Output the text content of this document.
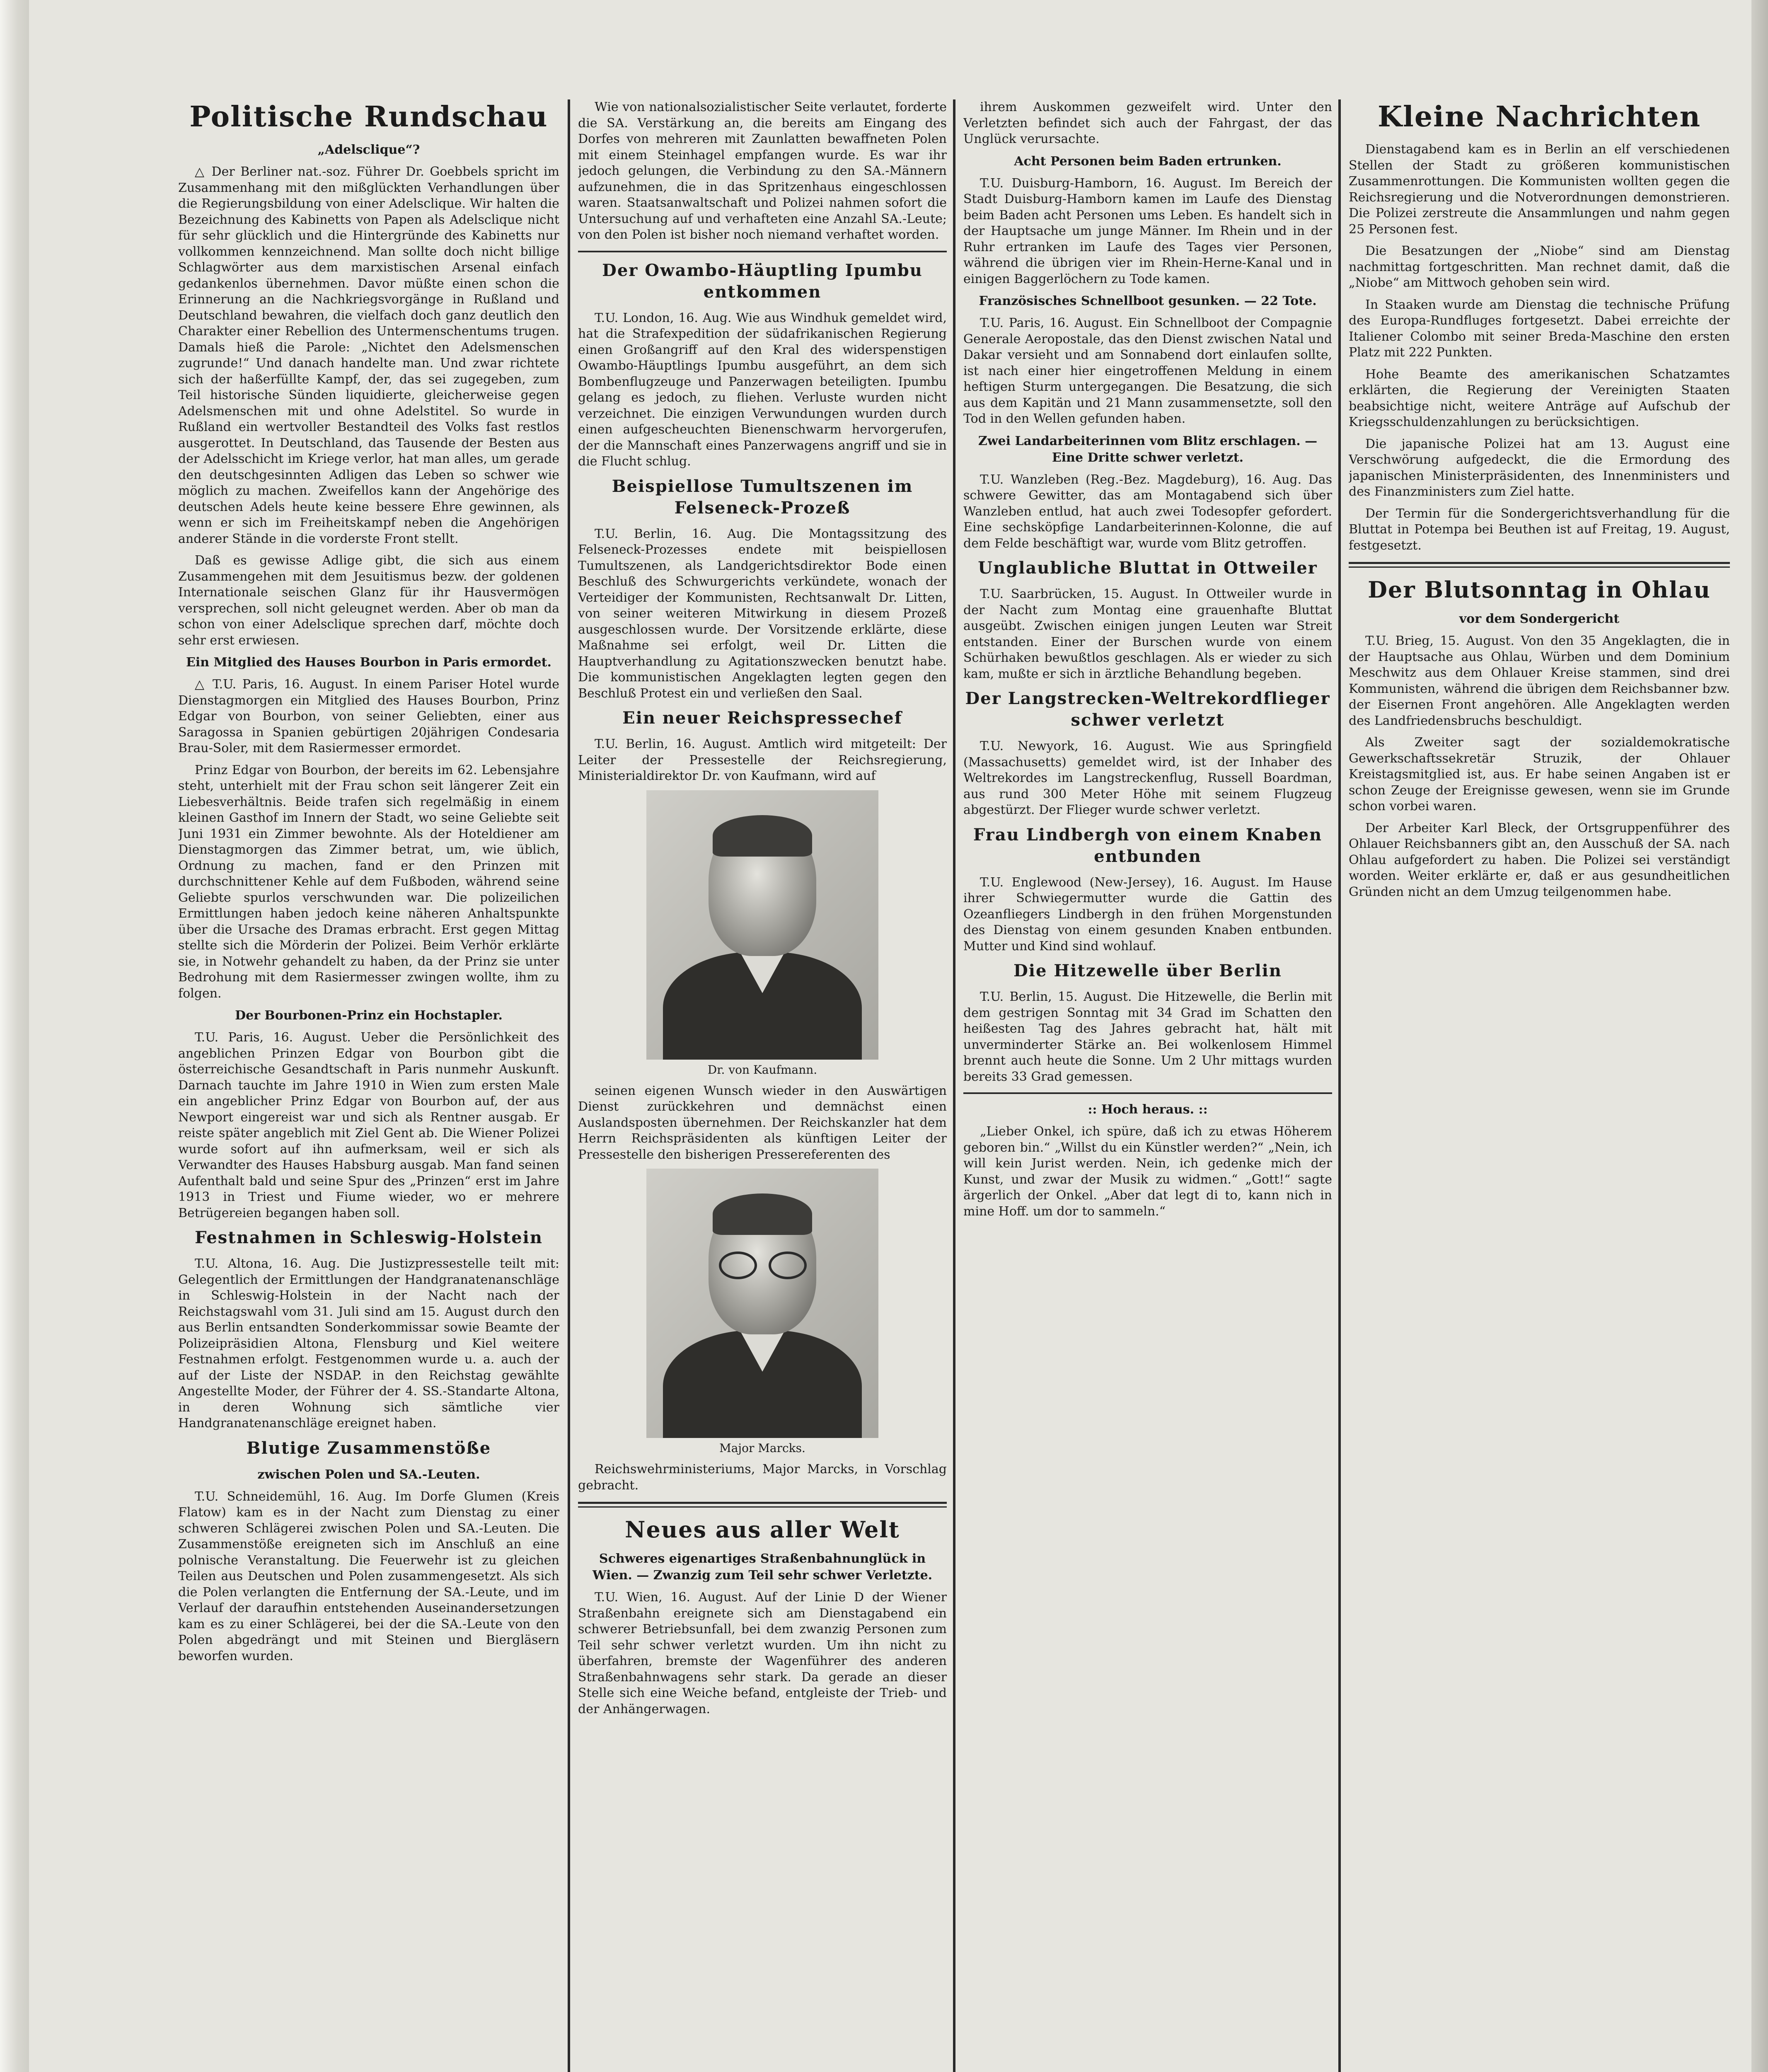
Politische Rundschau
„Adelsclique“?

△ Der Berliner nat.-soz. Führer Dr. Goebbels spricht im Zusammenhang mit den mißglückten Verhandlungen über die Regierungsbildung von einer Adelsclique. Wir halten die Bezeichnung des Kabinetts von Papen als Adelsclique nicht für sehr glücklich und die Hintergründe des Kabinetts nur vollkommen kennzeichnend. Man sollte doch nicht billige Schlagwörter aus dem marxistischen Arsenal einfach gedankenlos übernehmen. Davor müßte einen schon die Erinnerung an die Nachkriegsvorgänge in Rußland und Deutschland bewahren, die vielfach doch ganz deutlich den Charakter einer Rebellion des Untermenschentums trugen. Damals hieß die Parole: „Nichtet den Adelsmenschen zugrunde!“ Und danach handelte man. Und zwar richtete sich der haßerfüllte Kampf, der, das sei zugegeben, zum Teil historische Sünden liquidierte, gleicherweise gegen Adelsmenschen mit und ohne Adelstitel. So wurde in Rußland ein wertvoller Bestandteil des Volks fast restlos ausgerottet. In Deutschland, das Tausende der Besten aus der Adelsschicht im Kriege verlor, hat man alles, um gerade den deutschgesinnten Adligen das Leben so schwer wie möglich zu machen. Zweifellos kann der Angehörige des deutschen Adels heute keine bessere Ehre gewinnen, als wenn er sich im Freiheitskampf neben die Angehörigen anderer Stände in die vorderste Front stellt.

Daß es gewisse Adlige gibt, die sich aus einem Zusammengehen mit dem Jesuitismus bezw. der goldenen Internationale seischen Glanz für ihr Hausvermögen versprechen, soll nicht geleugnet werden. Aber ob man da schon von einer Adelsclique sprechen darf, möchte doch sehr erst erwiesen.

Ein Mitglied des Hauses Bourbon in Paris ermordet.

△ T.U. Paris, 16. August. In einem Pariser Hotel wurde Dienstagmorgen ein Mitglied des Hauses Bourbon, Prinz Edgar von Bourbon, von seiner Geliebten, einer aus Saragossa in Spanien gebürtigen 20jährigen Condesaria Brau-Soler, mit dem Rasiermesser ermordet.

Prinz Edgar von Bourbon, der bereits im 62. Lebensjahre steht, unterhielt mit der Frau schon seit längerer Zeit ein Liebesverhältnis. Beide trafen sich regelmäßig in einem kleinen Gasthof im Innern der Stadt, wo seine Geliebte seit Juni 1931 ein Zimmer bewohnte. Als der Hoteldiener am Dienstagmorgen das Zimmer betrat, um, wie üblich, Ordnung zu machen, fand er den Prinzen mit durchschnittener Kehle auf dem Fußboden, während seine Geliebte spurlos verschwunden war. Die polizeilichen Ermittlungen haben jedoch keine näheren Anhaltspunkte über die Ursache des Dramas erbracht. Erst gegen Mittag stellte sich die Mörderin der Polizei. Beim Verhör erklärte sie, in Notwehr gehandelt zu haben, da der Prinz sie unter Bedrohung mit dem Rasiermesser zwingen wollte, ihm zu folgen.

Der Bourbonen-Prinz ein Hochstapler.

T.U. Paris, 16. August. Ueber die Persönlichkeit des angeblichen Prinzen Edgar von Bourbon gibt die österreichische Gesandtschaft in Paris nunmehr Auskunft. Darnach tauchte im Jahre 1910 in Wien zum ersten Male ein angeblicher Prinz Edgar von Bourbon auf, der aus Newport eingereist war und sich als Rentner ausgab. Er reiste später angeblich mit Ziel Gent ab. Die Wiener Polizei wurde sofort auf ihn aufmerksam, weil er sich als Verwandter des Hauses Habsburg ausgab. Man fand seinen Aufenthalt bald und seine Spur des „Prinzen“ erst im Jahre 1913 in Triest und Fiume wieder, wo er mehrere Betrügereien begangen haben soll.

Festnahmen in Schleswig-Holstein

T.U. Altona, 16. Aug. Die Justizpressestelle teilt mit: Gelegentlich der Ermittlungen der Handgranatenanschläge in Schleswig-Holstein in der Nacht nach der Reichstagswahl vom 31. Juli sind am 15. August durch den aus Berlin entsandten Sonderkommissar sowie Beamte der Polizeipräsidien Altona, Flensburg und Kiel weitere Festnahmen erfolgt. Festgenommen wurde u. a. auch der auf der Liste der NSDAP. in den Reichstag gewählte Angestellte Moder, der Führer der 4. SS.-Standarte Altona, in deren Wohnung sich sämtliche vier Handgranatenanschläge ereignet haben.

Blutige Zusammenstöße
zwischen Polen und SA.-Leuten.

T.U. Schneidemühl, 16. Aug. Im Dorfe Glumen (Kreis Flatow) kam es in der Nacht zum Dienstag zu einer schweren Schlägerei zwischen Polen und SA.-Leuten. Die Zusammenstöße ereigneten sich im Anschluß an eine polnische Veranstaltung. Die Feuerwehr ist zu gleichen Teilen aus Deutschen und Polen zusammengesetzt. Als sich die Polen verlangten die Entfernung der SA.-Leute, und im Verlauf der daraufhin entstehenden Auseinandersetzungen kam es zu einer Schlägerei, bei der die SA.-Leute von den Polen abgedrängt und mit Steinen und Biergläsern beworfen wurden.

Wie von nationalsozialistischer Seite verlautet, forderte die SA. Verstärkung an, die bereits am Eingang des Dorfes von mehreren mit Zaunlatten bewaffneten Polen mit einem Steinhagel empfangen wurde. Es war ihr jedoch gelungen, die Verbindung zu den SA.-Männern aufzunehmen, die in das Spritzenhaus eingeschlossen waren. Staatsanwaltschaft und Polizei nahmen sofort die Untersuchung auf und verhafteten eine Anzahl SA.-Leute; von den Polen ist bisher noch niemand verhaftet worden.

Der Owambo-Häuptling Ipumbu entkommen

T.U. London, 16. Aug. Wie aus Windhuk gemeldet wird, hat die Strafexpedition der südafrikanischen Regierung einen Großangriff auf den Kral des widerspenstigen Owambo-Häuptlings Ipumbu ausgeführt, an dem sich Bombenflugzeuge und Panzerwagen beteiligten. Ipumbu gelang es jedoch, zu fliehen. Verluste wurden nicht verzeichnet. Die einzigen Verwundungen wurden durch einen aufgescheuchten Bienenschwarm hervorgerufen, der die Mannschaft eines Panzerwagens angriff und sie in die Flucht schlug.

Beispiellose Tumultszenen im Felseneck-Prozeß

T.U. Berlin, 16. Aug. Die Montagssitzung des Felseneck-Prozesses endete mit beispiellosen Tumultszenen, als Landgerichtsdirektor Bode einen Beschluß des Schwurgerichts verkündete, wonach der Verteidiger der Kommunisten, Rechtsanwalt Dr. Litten, von seiner weiteren Mitwirkung in diesem Prozeß ausgeschlossen wurde. Der Vorsitzende erklärte, diese Maßnahme sei erfolgt, weil Dr. Litten die Hauptverhandlung zu Agitationszwecken benutzt habe. Die kommunistischen Angeklagten legten gegen den Beschluß Protest ein und verließen den Saal.

Ein neuer Reichspressechef

T.U. Berlin, 16. August. Amtlich wird mitgeteilt: Der Leiter der Pressestelle der Reichsregierung, Ministerialdirektor Dr. von Kaufmann, wird auf

Dr. von Kaufmann.

seinen eigenen Wunsch wieder in den Auswärtigen Dienst zurückkehren und demnächst einen Auslandsposten übernehmen. Der Reichskanzler hat dem Herrn Reichspräsidenten als künftigen Leiter der Pressestelle den bisherigen Pressereferenten des

Major Marcks.

Reichswehrministeriums, Major Marcks, in Vorschlag gebracht.

Neues aus aller Welt
Schweres eigenartiges Straßenbahnunglück in Wien. — Zwanzig zum Teil sehr schwer Verletzte.

T.U. Wien, 16. August. Auf der Linie D der Wiener Straßenbahn ereignete sich am Dienstagabend ein schwerer Betriebsunfall, bei dem zwanzig Personen zum Teil sehr schwer verletzt wurden. Um ihn nicht zu überfahren, bremste der Wagenführer des anderen Straßenbahnwagens sehr stark. Da gerade an dieser Stelle sich eine Weiche befand, entgleiste der Trieb- und der Anhängerwagen.

ihrem Auskommen gezweifelt wird. Unter den Verletzten befindet sich auch der Fahrgast, der das Unglück verursachte.

Acht Personen beim Baden ertrunken.

T.U. Duisburg-Hamborn, 16. August. Im Bereich der Stadt Duisburg-Hamborn kamen im Laufe des Dienstag beim Baden acht Personen ums Leben. Es handelt sich in der Hauptsache um junge Männer. Im Rhein und in der Ruhr ertranken im Laufe des Tages vier Personen, während die übrigen vier im Rhein-Herne-Kanal und in einigen Baggerlöchern zu Tode kamen.

Französisches Schnellboot gesunken. — 22 Tote.

T.U. Paris, 16. August. Ein Schnellboot der Compagnie Generale Aeropostale, das den Dienst zwischen Natal und Dakar versieht und am Sonnabend dort einlaufen sollte, ist nach einer hier eingetroffenen Meldung in einem heftigen Sturm untergegangen. Die Besatzung, die sich aus dem Kapitän und 21 Mann zusammensetzte, soll den Tod in den Wellen gefunden haben.

Zwei Landarbeiterinnen vom Blitz erschlagen. — Eine Dritte schwer verletzt.

T.U. Wanzleben (Reg.-Bez. Magdeburg), 16. Aug. Das schwere Gewitter, das am Montagabend sich über Wanzleben entlud, hat auch zwei Todesopfer gefordert. Eine sechsköpfige Landarbeiterinnen-Kolonne, die auf dem Felde beschäftigt war, wurde vom Blitz getroffen.

Unglaubliche Bluttat in Ottweiler

T.U. Saarbrücken, 15. August. In Ottweiler wurde in der Nacht zum Montag eine grauenhafte Bluttat ausgeübt. Zwischen einigen jungen Leuten war Streit entstanden. Einer der Burschen wurde von einem Schürhaken bewußtlos geschlagen. Als er wieder zu sich kam, mußte er sich in ärztliche Behandlung begeben.

Der Langstrecken-Weltrekordflieger schwer verletzt

T.U. Newyork, 16. August. Wie aus Springfield (Massachusetts) gemeldet wird, ist der Inhaber des Weltrekordes im Langstreckenflug, Russell Boardman, aus rund 300 Meter Höhe mit seinem Flugzeug abgestürzt. Der Flieger wurde schwer verletzt.

Frau Lindbergh von einem Knaben entbunden

T.U. Englewood (New-Jersey), 16. August. Im Hause ihrer Schwiegermutter wurde die Gattin des Ozeanfliegers Lindbergh in den frühen Morgenstunden des Dienstag von einem gesunden Knaben entbunden. Mutter und Kind sind wohlauf.

Die Hitzewelle über Berlin

T.U. Berlin, 15. August. Die Hitzewelle, die Berlin mit dem gestrigen Sonntag mit 34 Grad im Schatten den heißesten Tag des Jahres gebracht hat, hält mit unverminderter Stärke an. Bei wolkenlosem Himmel brennt auch heute die Sonne. Um 2 Uhr mittags wurden bereits 33 Grad gemessen.

:: Hoch heraus. ::

„Lieber Onkel, ich spüre, daß ich zu etwas Höherem geboren bin.“ „Willst du ein Künstler werden?“ „Nein, ich will kein Jurist werden. Nein, ich gedenke mich der Kunst, und zwar der Musik zu widmen.“ „Gott!“ sagte ärgerlich der Onkel. „Aber dat legt di to, kann nich in mine Hoff. um dor to sammeln.“

Kleine Nachrichten

Dienstagabend kam es in Berlin an elf verschiedenen Stellen der Stadt zu größeren kommunistischen Zusammenrottungen. Die Kommunisten wollten gegen die Reichsregierung und die Notverordnungen demonstrieren. Die Polizei zerstreute die Ansammlungen und nahm gegen 25 Personen fest.

Die Besatzungen der „Niobe“ sind am Dienstag nachmittag fortgeschritten. Man rechnet damit, daß die „Niobe“ am Mittwoch gehoben sein wird.

In Staaken wurde am Dienstag die technische Prüfung des Europa-Rundfluges fortgesetzt. Dabei erreichte der Italiener Colombo mit seiner Breda-Maschine den ersten Platz mit 222 Punkten.

Hohe Beamte des amerikanischen Schatzamtes erklärten, die Regierung der Vereinigten Staaten beabsichtige nicht, weitere Anträge auf Aufschub der Kriegsschuldenzahlungen zu berücksichtigen.

Die japanische Polizei hat am 13. August eine Verschwörung aufgedeckt, die die Ermordung des japanischen Ministerpräsidenten, des Innenministers und des Finanzministers zum Ziel hatte.

Der Termin für die Sondergerichtsverhandlung für die Bluttat in Potempa bei Beuthen ist auf Freitag, 19. August, festgesetzt.

Der Blutsonntag in Ohlau
vor dem Sondergericht

T.U. Brieg, 15. August. Von den 35 Angeklagten, die in der Hauptsache aus Ohlau, Würben und dem Dominium Meschwitz aus dem Ohlauer Kreise stammen, sind drei Kommunisten, während die übrigen dem Reichsbanner bzw. der Eisernen Front angehören. Alle Angeklagten werden des Landfriedensbruchs beschuldigt.

Als Zweiter sagt der sozialdemokratische Gewerkschaftssekretär Struzik, der Ohlauer Kreistagsmitglied ist, aus. Er habe seinen Angaben ist er schon Zeuge der Ereignisse gewesen, wenn sie im Grunde schon vorbei waren.

Der Arbeiter Karl Bleck, der Ortsgruppenführer des Ohlauer Reichsbanners gibt an, den Ausschuß der SA. nach Ohlau aufgefordert zu haben. Die Polizei sei verständigt worden. Weiter erklärte er, daß er aus gesundheitlichen Gründen nicht an dem Umzug teilgenommen habe.
